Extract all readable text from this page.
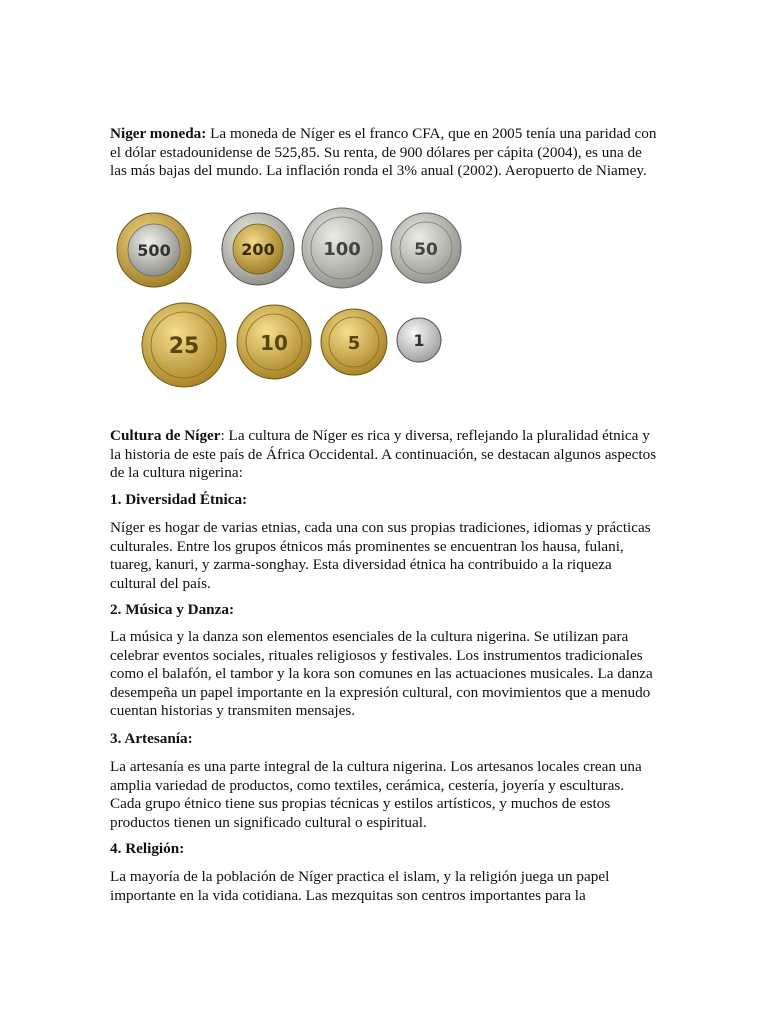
Niger moneda: La moneda de Níger es el franco CFA, que en 2005 tenía una paridad con el dólar estadounidense de 525,85. Su renta, de 900 dólares per cápita (2004), es una de las más bajas del mundo. La inflación ronda el 3% anual (2002). Aeropuerto de Niamey.

500	200	100	50
25	10	5	1

Cultura de Níger: La cultura de Níger es rica y diversa, reflejando la pluralidad étnica y la historia de este país de África Occidental. A continuación, se destacan algunos aspectos de la cultura nigerina:

1. Diversidad Étnica:

Níger es hogar de varias etnias, cada una con sus propias tradiciones, idiomas y prácticas culturales. Entre los grupos étnicos más prominentes se encuentran los hausa, fulani, tuareg, kanuri, y zarma-songhay. Esta diversidad étnica ha contribuido a la riqueza cultural del país.

2. Música y Danza:

La música y la danza son elementos esenciales de la cultura nigerina. Se utilizan para celebrar eventos sociales, rituales religiosos y festivales. Los instrumentos tradicionales como el balafón, el tambor y la kora son comunes en las actuaciones musicales. La danza desempeña un papel importante en la expresión cultural, con movimientos que a menudo cuentan historias y transmiten mensajes.

3. Artesanía:

La artesanía es una parte integral de la cultura nigerina. Los artesanos locales crean una amplia variedad de productos, como textiles, cerámica, cestería, joyería y esculturas. Cada grupo étnico tiene sus propias técnicas y estilos artísticos, y muchos de estos productos tienen un significado cultural o espiritual.

4. Religión:

La mayoría de la población de Níger practica el islam, y la religión juega un papel importante en la vida cotidiana. Las mezquitas son centros importantes para la
